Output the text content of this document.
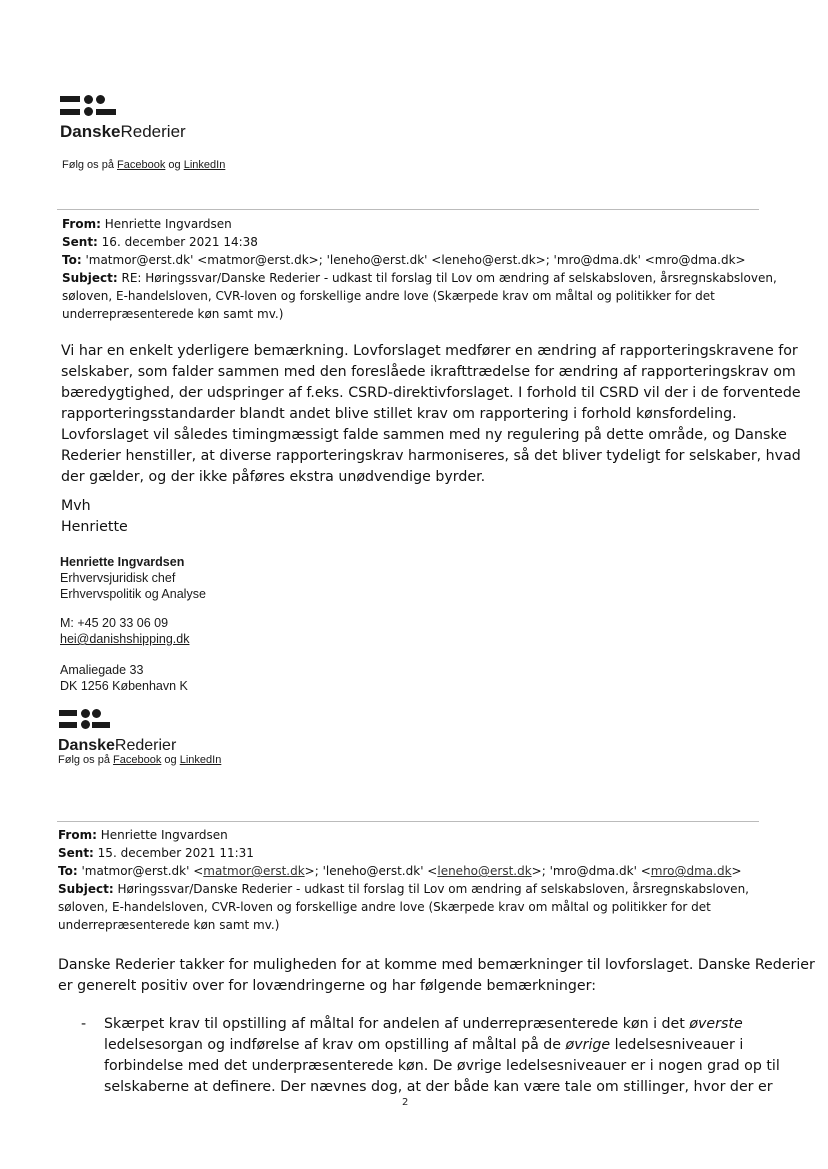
DanskeRederier
Følg os på Facebook og LinkedIn
From: Henriette Ingvardsen
Sent: 16. december 2021 14:38
To: 'matmor@erst.dk' <matmor@erst.dk>; 'leneho@erst.dk' <leneho@erst.dk>; 'mro@dma.dk' <mro@dma.dk>
Subject: RE: Høringssvar/Danske Rederier - udkast til forslag til Lov om ændring af selskabsloven, årsregnskabsloven,
søloven, E-handelsloven, CVR-loven og forskellige andre love (Skærpede krav om måltal og politikker for det
underrepræsenterede køn samt mv.)
Vi har en enkelt yderligere bemærkning. Lovforslaget medfører en ændring af rapporteringskravene for
selskaber, som falder sammen med den foreslåede ikrafttrædelse for ændring af rapporteringskrav om
bæredygtighed, der udspringer af f.eks. CSRD-direktivforslaget. I forhold til CSRD vil der i de forventede
rapporteringsstandarder blandt andet blive stillet krav om rapportering i forhold kønsfordeling.
Lovforslaget vil således timingmæssigt falde sammen med ny regulering på dette område, og Danske
Rederier henstiller, at diverse rapporteringskrav harmoniseres, så det bliver tydeligt for selskaber, hvad
der gælder, og der ikke påføres ekstra unødvendige byrder.
Mvh
Henriette
Henriette Ingvardsen
Erhvervsjuridisk chef
Erhvervspolitik og Analyse
M: +45 20 33 06 09
hei@danishshipping.dk
Amaliegade 33
DK 1256 København K
DanskeRederier
Følg os på Facebook og LinkedIn
From: Henriette Ingvardsen
Sent: 15. december 2021 11:31
To: 'matmor@erst.dk' <matmor@erst.dk>; 'leneho@erst.dk' <leneho@erst.dk>; 'mro@dma.dk' <mro@dma.dk>
Subject: Høringssvar/Danske Rederier - udkast til forslag til Lov om ændring af selskabsloven, årsregnskabsloven,
søloven, E-handelsloven, CVR-loven og forskellige andre love (Skærpede krav om måltal og politikker for det
underrepræsenterede køn samt mv.)
Danske Rederier takker for muligheden for at komme med bemærkninger til lovforslaget. Danske Rederier
er generelt positiv over for lovændringerne og har følgende bemærkninger:
- Skærpet krav til opstilling af måltal for andelen af underrepræsenterede køn i det øverste
ledelsesorgan og indførelse af krav om opstilling af måltal på de øvrige ledelsesniveauer i
forbindelse med det underpræsenterede køn. De øvrige ledelsesniveauer er i nogen grad op til
selskaberne at definere. Der nævnes dog, at der både kan være tale om stillinger, hvor der er
2
